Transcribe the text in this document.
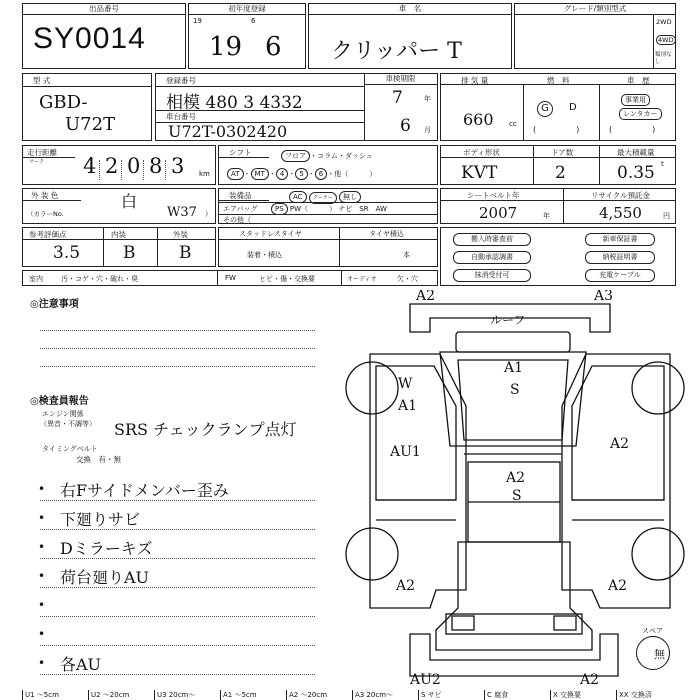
出品番号
SY0014
初年度登録
19	6
19 6
車　名
クリッパー T
グレード/類別型式
2WD
4WD
類別なし
型 式
GBD-
U72T
登録番号
相模 480 3 4332
車台番号
U72T-0302420
車検期限
7	年
6 月
排 気 量	燃　料	車　歴
660 cc
G	D
(　　　　　)
事業用
レンタカー
(　　　　　)
走行距離
マーク 4 2 0 8 3 km
シフト	フロア ・コラム・ダッシュ
AT ・ MT ・ 4 ・ 5 ・ 6 ・他（　　　）
ボディ形状	ドア数	最大積載量
KVT	2	0.35 t
外 装 色	白
（カラーNo.	W37 ）
装備品	AC クーラー 無し
エアバッグ	PS PW（　　　	） ナビ　 SR　 AW
その他（
シートベルト年	リサイクル預託金
2007	年	4,550	円
参考評価点	内装	外装
3.5	B	B
スタッドレスタイヤ	タイヤ積込
装着・積込	本
搬入時審査前	新車保証書
自動承認調書	納税証明書
抹消受付可	充電ケーブル
室内	汚・コゲ・穴・破れ・臭	FW	ヒビ・傷・交換要	オーディオ	欠・穴
◎注意事項
◎検査員報告
エンジン関係
（異音・不調等） SRS チェックランプ点灯
タイミングベルト
交換　有・無
• 右Fサイドメンバー歪み
• 下廻りサビ
• Dミラーキズ
• 荷台廻りAU
•
•
• 各AU
A2	A3
ルーフ
A1
S
W
A1
AU1	A2
A2
S
A2	A2
AU2	A2
スペア
無
U1 ～5cm	U2 ～20cm	U3 20cm～	A1 ～5cm	A2 ～20cm	A3 20cm～	S サビ	C 腐食	X 交換要	XX 交換済
